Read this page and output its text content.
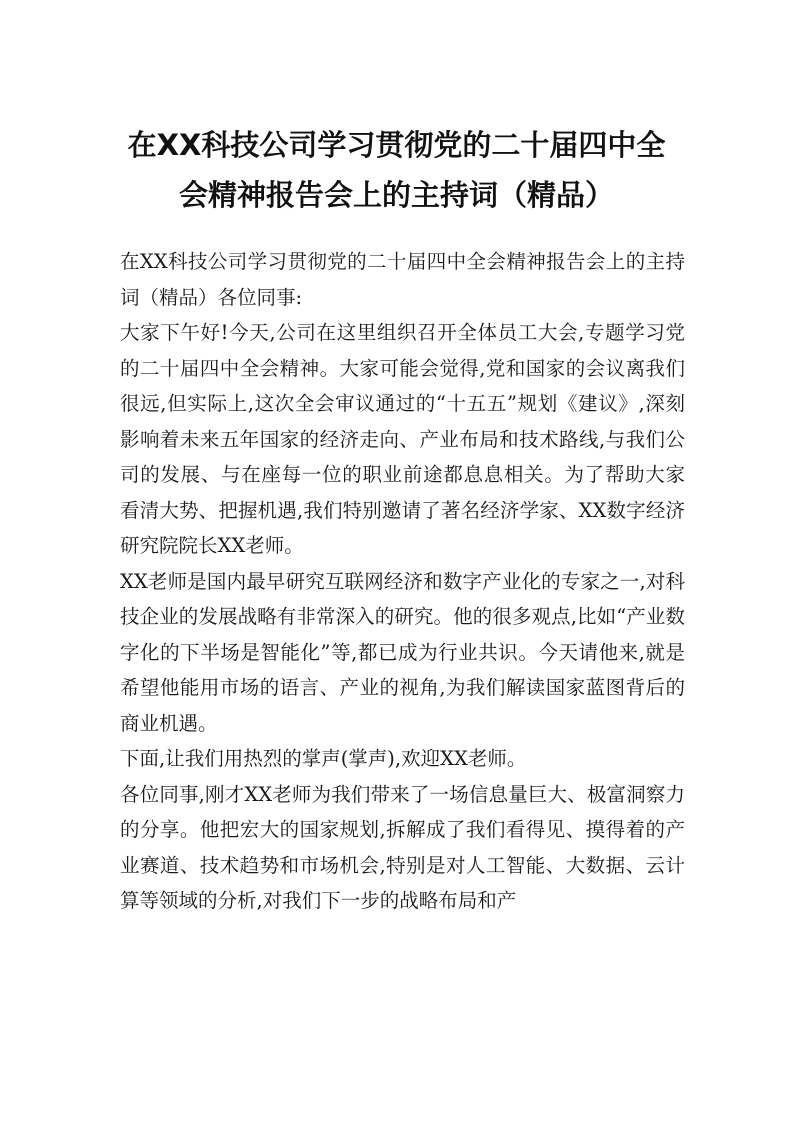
在XX科技公司学习贯彻党的二十届四中全
会精神报告会上的主持词（精品）

在XX科技公司学习贯彻党的二十届四中全会精神报告会上的主持词（精品）各位同事:

大家下午好!今天,公司在这里组织召开全体员工大会,专题学习党的二十届四中全会精神。大家可能会觉得,党和国家的会议离我们很远,但实际上,这次全会审议通过的“十五五”规划《建议》,深刻影响着未来五年国家的经济走向、产业布局和技术路线,与我们公司的发展、与在座每一位的职业前途都息息相关。为了帮助大家看清大势、把握机遇,我们特别邀请了著名经济学家、XX数字经济研究院院长XX老师。

XX老师是国内最早研究互联网经济和数字产业化的专家之一,对科技企业的发展战略有非常深入的研究。他的很多观点,比如“产业数字化的下半场是智能化”等,都已成为行业共识。今天请他来,就是希望他能用市场的语言、产业的视角,为我们解读国家蓝图背后的商业机遇。

下面,让我们用热烈的掌声(掌声),欢迎XX老师。

各位同事,刚才XX老师为我们带来了一场信息量巨大、极富洞察力的分享。他把宏大的国家规划,拆解成了我们看得见、摸得着的产业赛道、技术趋势和市场机会,特别是对人工智能、大数据、云计算等领域的分析,对我们下一步的战略布局和产
